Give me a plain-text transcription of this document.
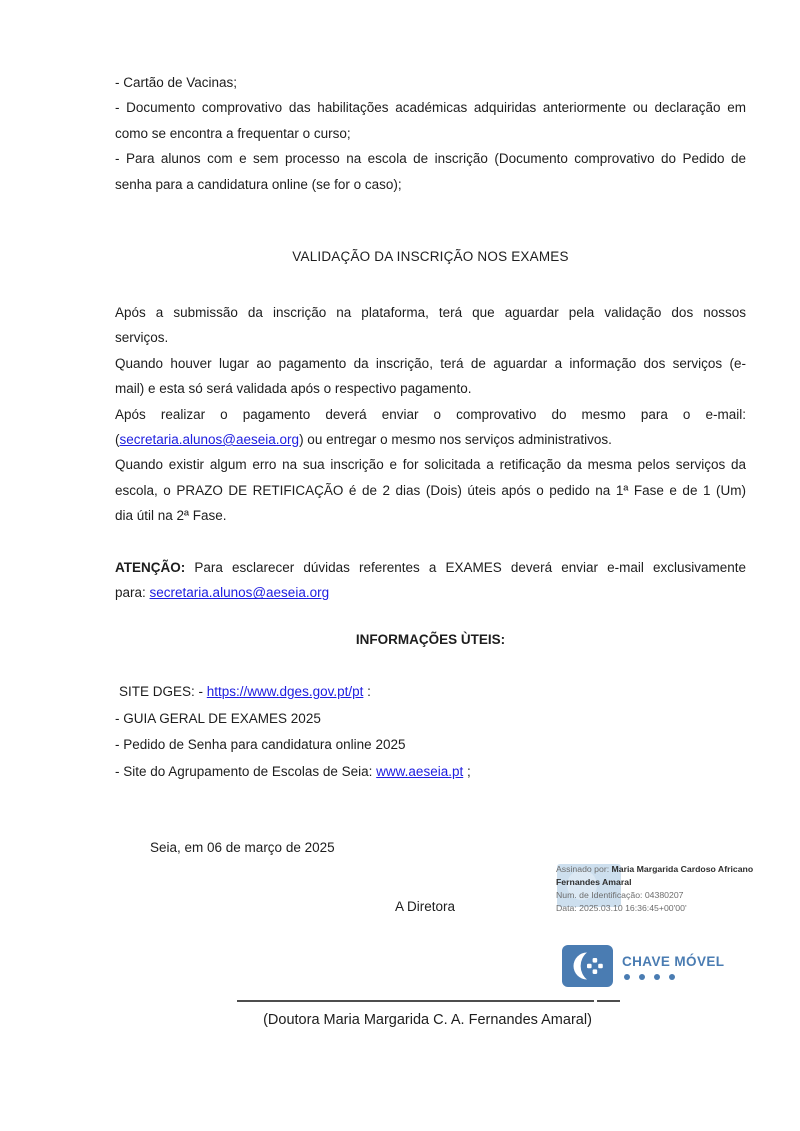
- Cartão de Vacinas;
- Documento comprovativo das habilitações académicas adquiridas anteriormente ou declaração em
como se encontra a frequentar o curso;
- Para alunos com e sem processo na escola de inscrição (Documento comprovativo do Pedido de
senha para a candidatura online (se for o caso);
VALIDAÇÃO DA INSCRIÇÃO NOS EXAMES
Após a submissão da inscrição na plataforma, terá que aguardar pela validação dos nossos
serviços.
Quando houver lugar ao pagamento da inscrição, terá de aguardar a informação dos serviços (e-
mail) e esta só será validada após o respectivo pagamento.
Após realizar o pagamento deverá enviar o comprovativo do mesmo para o e-mail:
(secretaria.alunos@aeseia.org) ou entregar o mesmo nos serviços administrativos.
Quando existir algum erro na sua inscrição e for solicitada a retificação da mesma pelos serviços da
escola, o PRAZO DE RETIFICAÇÃO é de 2 dias (Dois) úteis após o pedido na 1ª Fase e de 1 (Um)
dia útil na 2ª Fase.
ATENÇÃO: Para esclarecer dúvidas referentes a EXAMES deverá enviar e-mail exclusivamente
para: secretaria.alunos@aeseia.org
INFORMAÇÕES ÙTEIS:
SITE DGES: - https://www.dges.gov.pt/pt :
- GUIA GERAL DE EXAMES 2025
- Pedido de Senha para candidatura online 2025
- Site do Agrupamento de Escolas de Seia: www.aeseia.pt ;
Seia, em 06 de março de 2025
A Diretora
Assinado por: Maria Margarida Cardoso Africano Fernandes Amaral
Num. de Identificação: 04380207
Data: 2025.03.10 16:36:45+00'00'
CHAVE MÓVEL
(Doutora Maria Margarida C. A. Fernandes Amaral)
